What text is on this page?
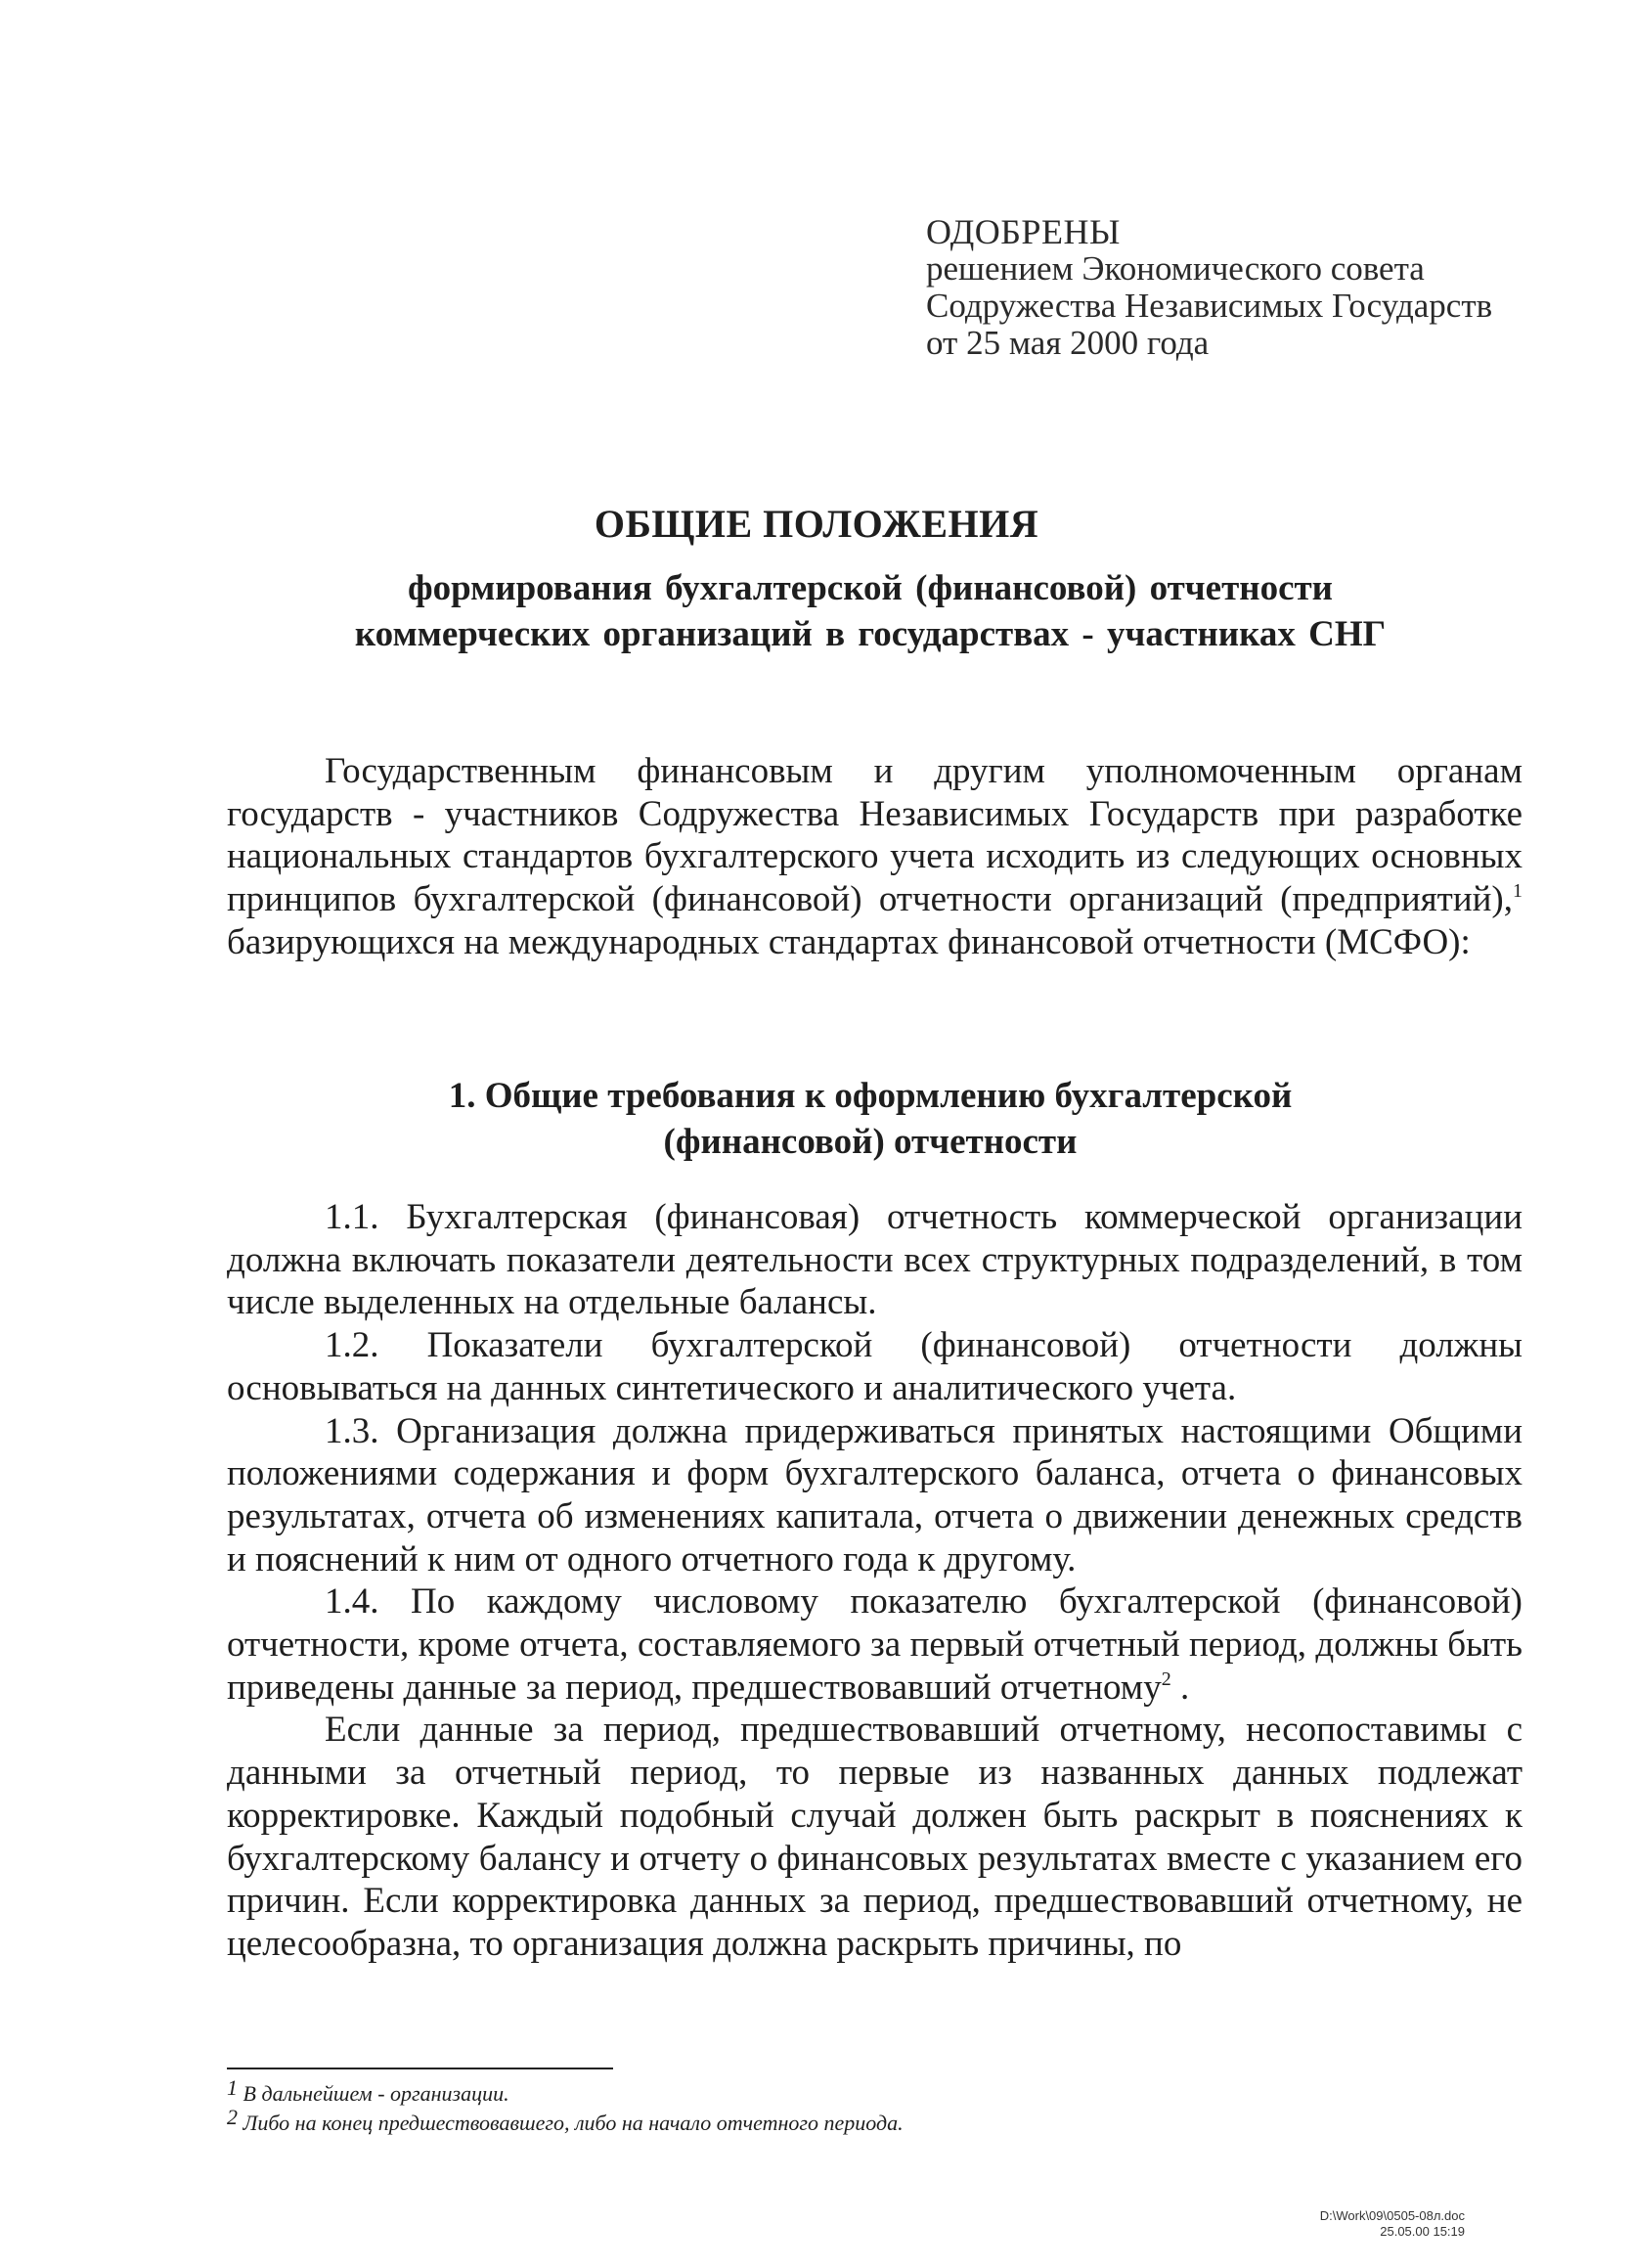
ОДОБРЕНЫ
решением Экономического совета
Содружества Независимых Государств
от 25 мая 2000 года
ОБЩИЕ ПОЛОЖЕНИЯ
формирования бухгалтерской (финансовой) отчетности
коммерческих организаций в государствах - участниках СНГ

Государственным финансовым и другим уполномоченным органам государств - участников Содружества Независимых Государств при разработке национальных стандартов бухгалтерского учета исходить из следующих основных принципов бухгалтерской (финансовой) отчетности организаций (предприятий),$^1$ базирующихся на международных стандартах финансовой отчетности (МСФО):

1. Общие требования к оформлению бухгалтерской
(финансовой) отчетности

1.1. Бухгалтерская (финансовая) отчетность коммерческой организации должна включать показатели деятельности всех структурных подразделений, в том числе выделенных на отдельные балансы.

1.2. Показатели бухгалтерской (финансовой) отчетности должны основываться на данных синтетического и аналитического учета.

1.3. Организация должна придерживаться принятых настоящими Общими положениями содержания и форм бухгалтерского баланса, отчета о финансовых результатах, отчета об изменениях капитала, отчета о движении денежных средств и пояснений к ним от одного отчетного года к другому.

1.4. По каждому числовому показателю бухгалтерской (финансовой) отчетности, кроме отчета, составляемого за первый отчетный период, должны быть приведены данные за период, предшествовавший отчетному$^2$ .

Если данные за период, предшествовавший отчетному, несопоставимы с данными за отчетный период, то первые из названных данных подлежат корректировке. Каждый подобный случай должен быть раскрыт в пояснениях к бухгалтерскому балансу и отчету о финансовых результатах вместе с указанием его причин. Если корректировка данных за период, предшествовавший отчетному, не целесообразна, то организация должна раскрыть причины, по

$^1$ В дальнейшем - организации.
$^2$ Либо на конец предшествовавшего, либо на начало отчетного периода.
D:\Work\09\0505-08л.doc
25.05.00 15:19
